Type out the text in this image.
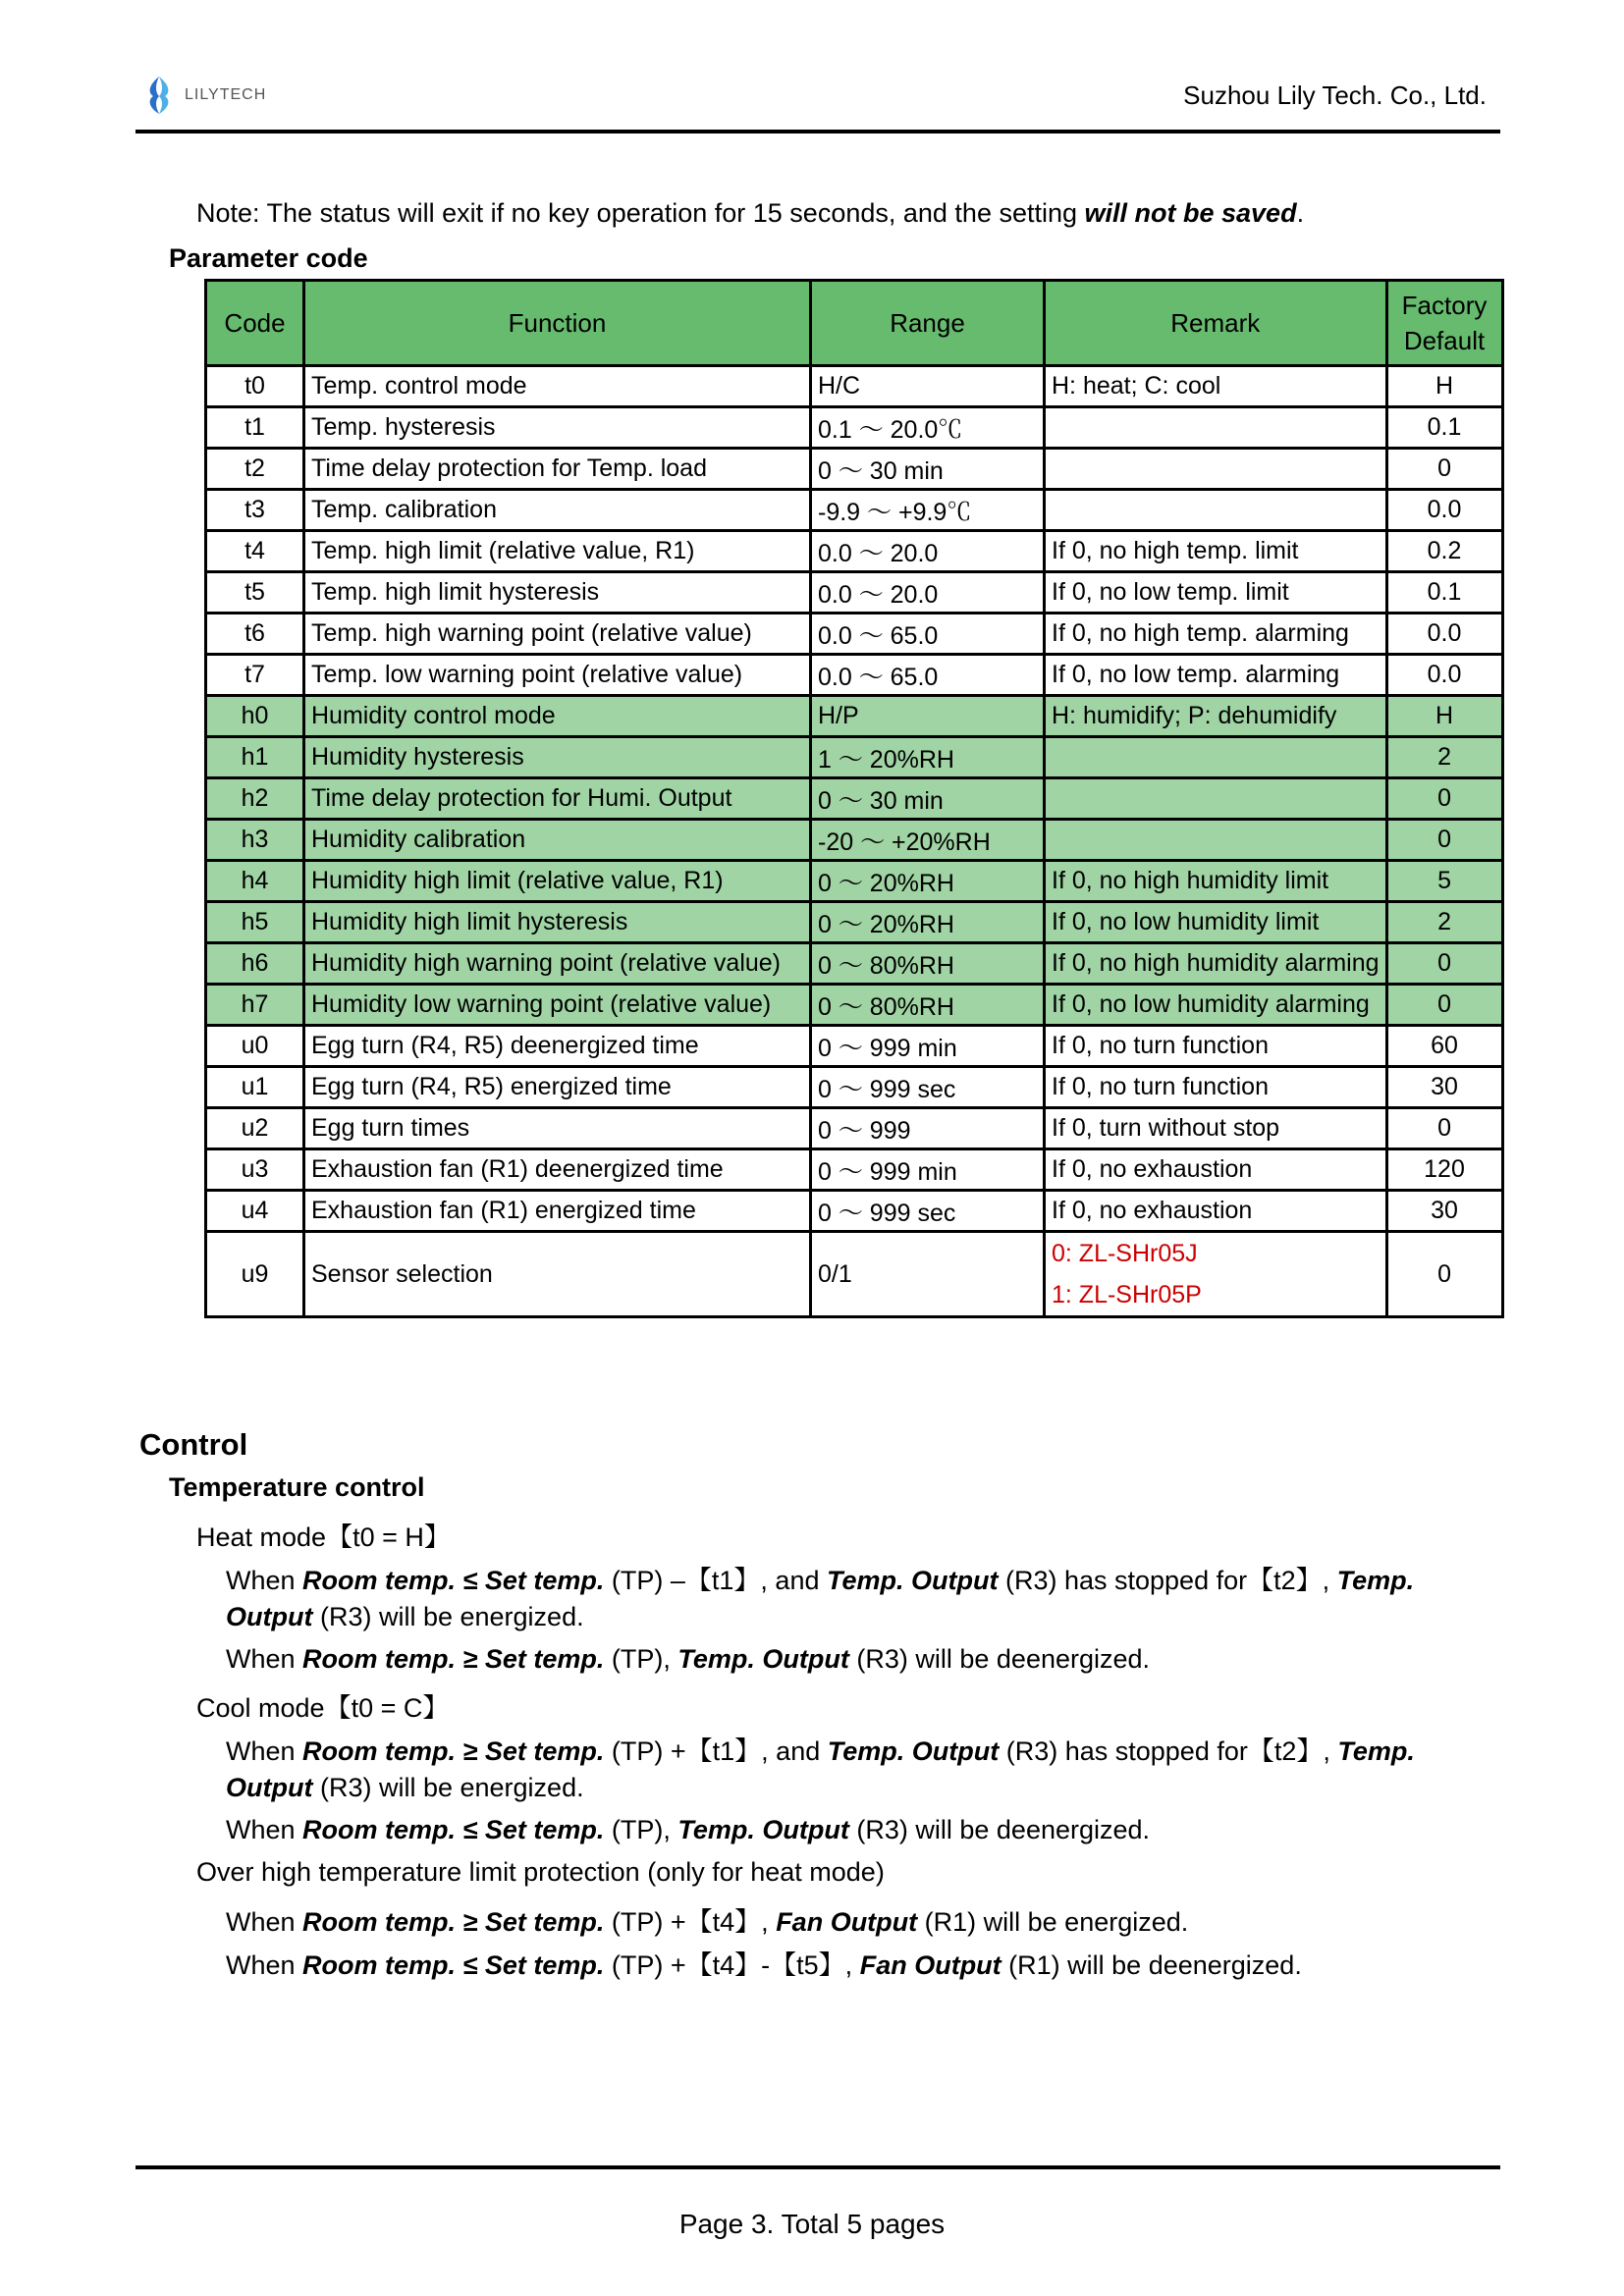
LILYTECH	Suzhou Lily Tech. Co., Ltd.
Note: The status will exit if no key operation for 15 seconds, and the setting will not be saved.
Parameter code
Code	Function	Range	Remark	Factory
Default
t0	Temp. control mode	H/C	H: heat; C: cool	H
t1	Temp. hysteresis	0.1 ～ 20.0℃		0.1
t2	Time delay protection for Temp. load	0 ～ 30 min		0
t3	Temp. calibration	-9.9 ～ +9.9℃		0.0
t4	Temp. high limit (relative value, R1)	0.0 ～ 20.0	If 0, no high temp. limit	0.2
t5	Temp. high limit hysteresis	0.0 ～ 20.0	If 0, no low temp. limit	0.1
t6	Temp. high warning point (relative value)	0.0 ～ 65.0	If 0, no high temp. alarming	0.0
t7	Temp. low warning point (relative value)	0.0 ～ 65.0	If 0, no low temp. alarming	0.0
h0	Humidity control mode	H/P	H: humidify; P: dehumidify	H
h1	Humidity hysteresis	1 ～ 20%RH		2
h2	Time delay protection for Humi. Output	0 ～ 30 min		0
h3	Humidity calibration	-20 ～ +20%RH		0
h4	Humidity high limit (relative value, R1)	0 ～ 20%RH	If 0, no high humidity limit	5
h5	Humidity high limit hysteresis	0 ～ 20%RH	If 0, no low humidity limit	2
h6	Humidity high warning point (relative value)	0 ～ 80%RH	If 0, no high humidity alarming	0
h7	Humidity low warning point (relative value)	0 ～ 80%RH	If 0, no low humidity alarming	0
u0	Egg turn (R4, R5) deenergized time	0 ～ 999 min	If 0, no turn function	60
u1	Egg turn (R4, R5) energized time	0 ～ 999 sec	If 0, no turn function	30
u2	Egg turn times	0 ～ 999	If 0, turn without stop	0
u3	Exhaustion fan (R1) deenergized time	0 ～ 999 min	If 0, no exhaustion	120
u4	Exhaustion fan (R1) energized time	0 ～ 999 sec	If 0, no exhaustion	30
u9	Sensor selection	0/1	0: ZL-SHr05J
1: ZL-SHr05P	0
Control
Temperature control
Heat mode【t0 = H】
When Room temp. ≤ Set temp. (TP) –【t1】, and Temp. Output (R3) has stopped for【t2】, Temp.
Output (R3) will be energized.
When Room temp. ≥ Set temp. (TP), Temp. Output (R3) will be deenergized.
Cool mode【t0 = C】
When Room temp. ≥ Set temp. (TP) +【t1】, and Temp. Output (R3) has stopped for【t2】, Temp.
Output (R3) will be energized.
When Room temp. ≤ Set temp. (TP), Temp. Output (R3) will be deenergized.
Over high temperature limit protection (only for heat mode)
When Room temp. ≥ Set temp. (TP) +【t4】, Fan Output (R1) will be energized.
When Room temp. ≤ Set temp. (TP) +【t4】-【t5】, Fan Output (R1) will be deenergized.
Page 3. Total 5 pages
